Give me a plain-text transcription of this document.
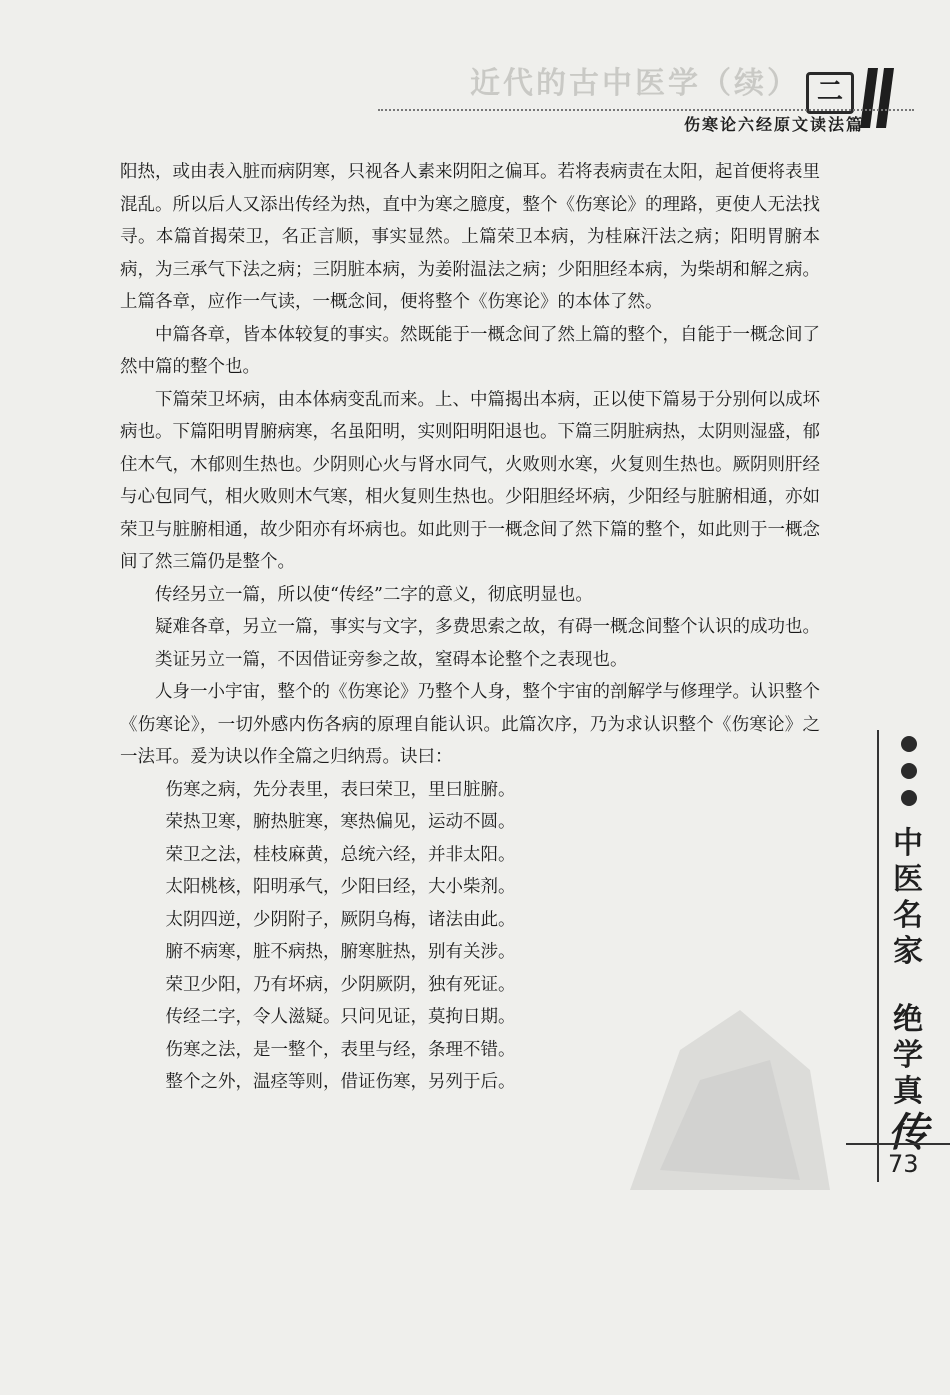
近代的古中医学（续） 二
伤寒论六经原文读法篇

阳热，或由表入脏而病阴寒，只视各人素来阴阳之偏耳。若将表病责在太阳，起首便将表里混乱。所以后人又添出传经为热，直中为寒之臆度，整个《伤寒论》的理路，更使人无法找寻。本篇首揭荣卫，名正言顺，事实显然。上篇荣卫本病，为桂麻汗法之病；阳明胃腑本病，为三承气下法之病；三阴脏本病，为姜附温法之病；少阳胆经本病，为柴胡和解之病。上篇各章，应作一气读，一概念间，便将整个《伤寒论》的本体了然。

中篇各章，皆本体较复的事实。然既能于一概念间了然上篇的整个，自能于一概念间了然中篇的整个也。

下篇荣卫坏病，由本体病变乱而来。上、中篇揭出本病，正以使下篇易于分别何以成坏病也。下篇阳明胃腑病寒，名虽阳明，实则阳明阳退也。下篇三阴脏病热，太阴则湿盛，郁住木气，木郁则生热也。少阴则心火与肾水同气，火败则水寒，火复则生热也。厥阴则肝经与心包同气，相火败则木气寒，相火复则生热也。少阳胆经坏病，少阳经与脏腑相通，亦如荣卫与脏腑相通，故少阳亦有坏病也。如此则于一概念间了然下篇的整个，如此则于一概念间了然三篇仍是整个。

传经另立一篇，所以使“传经”二字的意义，彻底明显也。

疑难各章，另立一篇，事实与文字，多费思索之故，有碍一概念间整个认识的成功也。

类证另立一篇，不因借证旁参之故，窒碍本论整个之表现也。

人身一小宇宙，整个的《伤寒论》乃整个人身，整个宇宙的剖解学与修理学。认识整个《伤寒论》，一切外感内伤各病的原理自能认识。此篇次序，乃为求认识整个《伤寒论》之一法耳。爰为诀以作全篇之归纳焉。诀曰：

伤寒之病，先分表里，表曰荣卫，里曰脏腑。

荣热卫寒，腑热脏寒，寒热偏见，运动不圆。

荣卫之法，桂枝麻黄，总统六经，并非太阳。

太阳桃核，阳明承气，少阳曰经，大小柴剂。

太阴四逆，少阴附子，厥阴乌梅，诸法由此。

腑不病寒，脏不病热，腑寒脏热，别有关涉。

荣卫少阳，乃有坏病，少阴厥阴，独有死证。

传经二字，令人滋疑。只问见证，莫拘日期。

伤寒之法，是一整个，表里与经，条理不错。

整个之外，温痉等则，借证伤寒，另列于后。

中
医
名
家
绝
学
真
传
73
